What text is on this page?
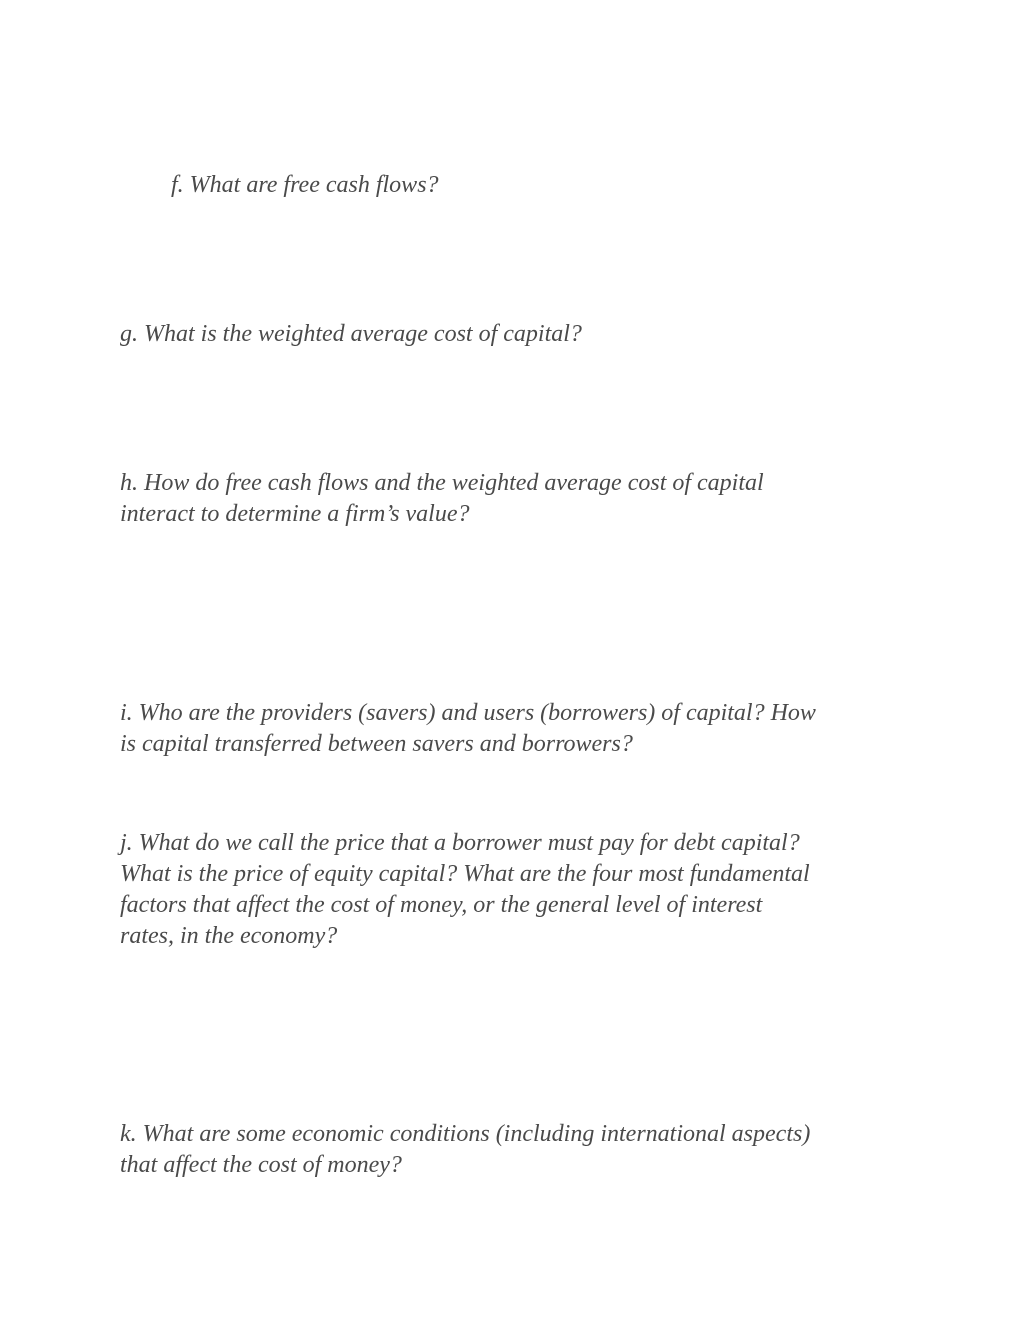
f. What are free cash flows?

g. What is the weighted average cost of capital?

h. How do free cash flows and the weighted average cost of capital
interact to determine a firm’s value?

i. Who are the providers (savers) and users (borrowers) of capital? How
is capital transferred between savers and borrowers?

j. What do we call the price that a borrower must pay for debt capital?
What is the price of equity capital? What are the four most fundamental
factors that affect the cost of money, or the general level of interest
rates, in the economy?

k. What are some economic conditions (including international aspects)
that affect the cost of money?
